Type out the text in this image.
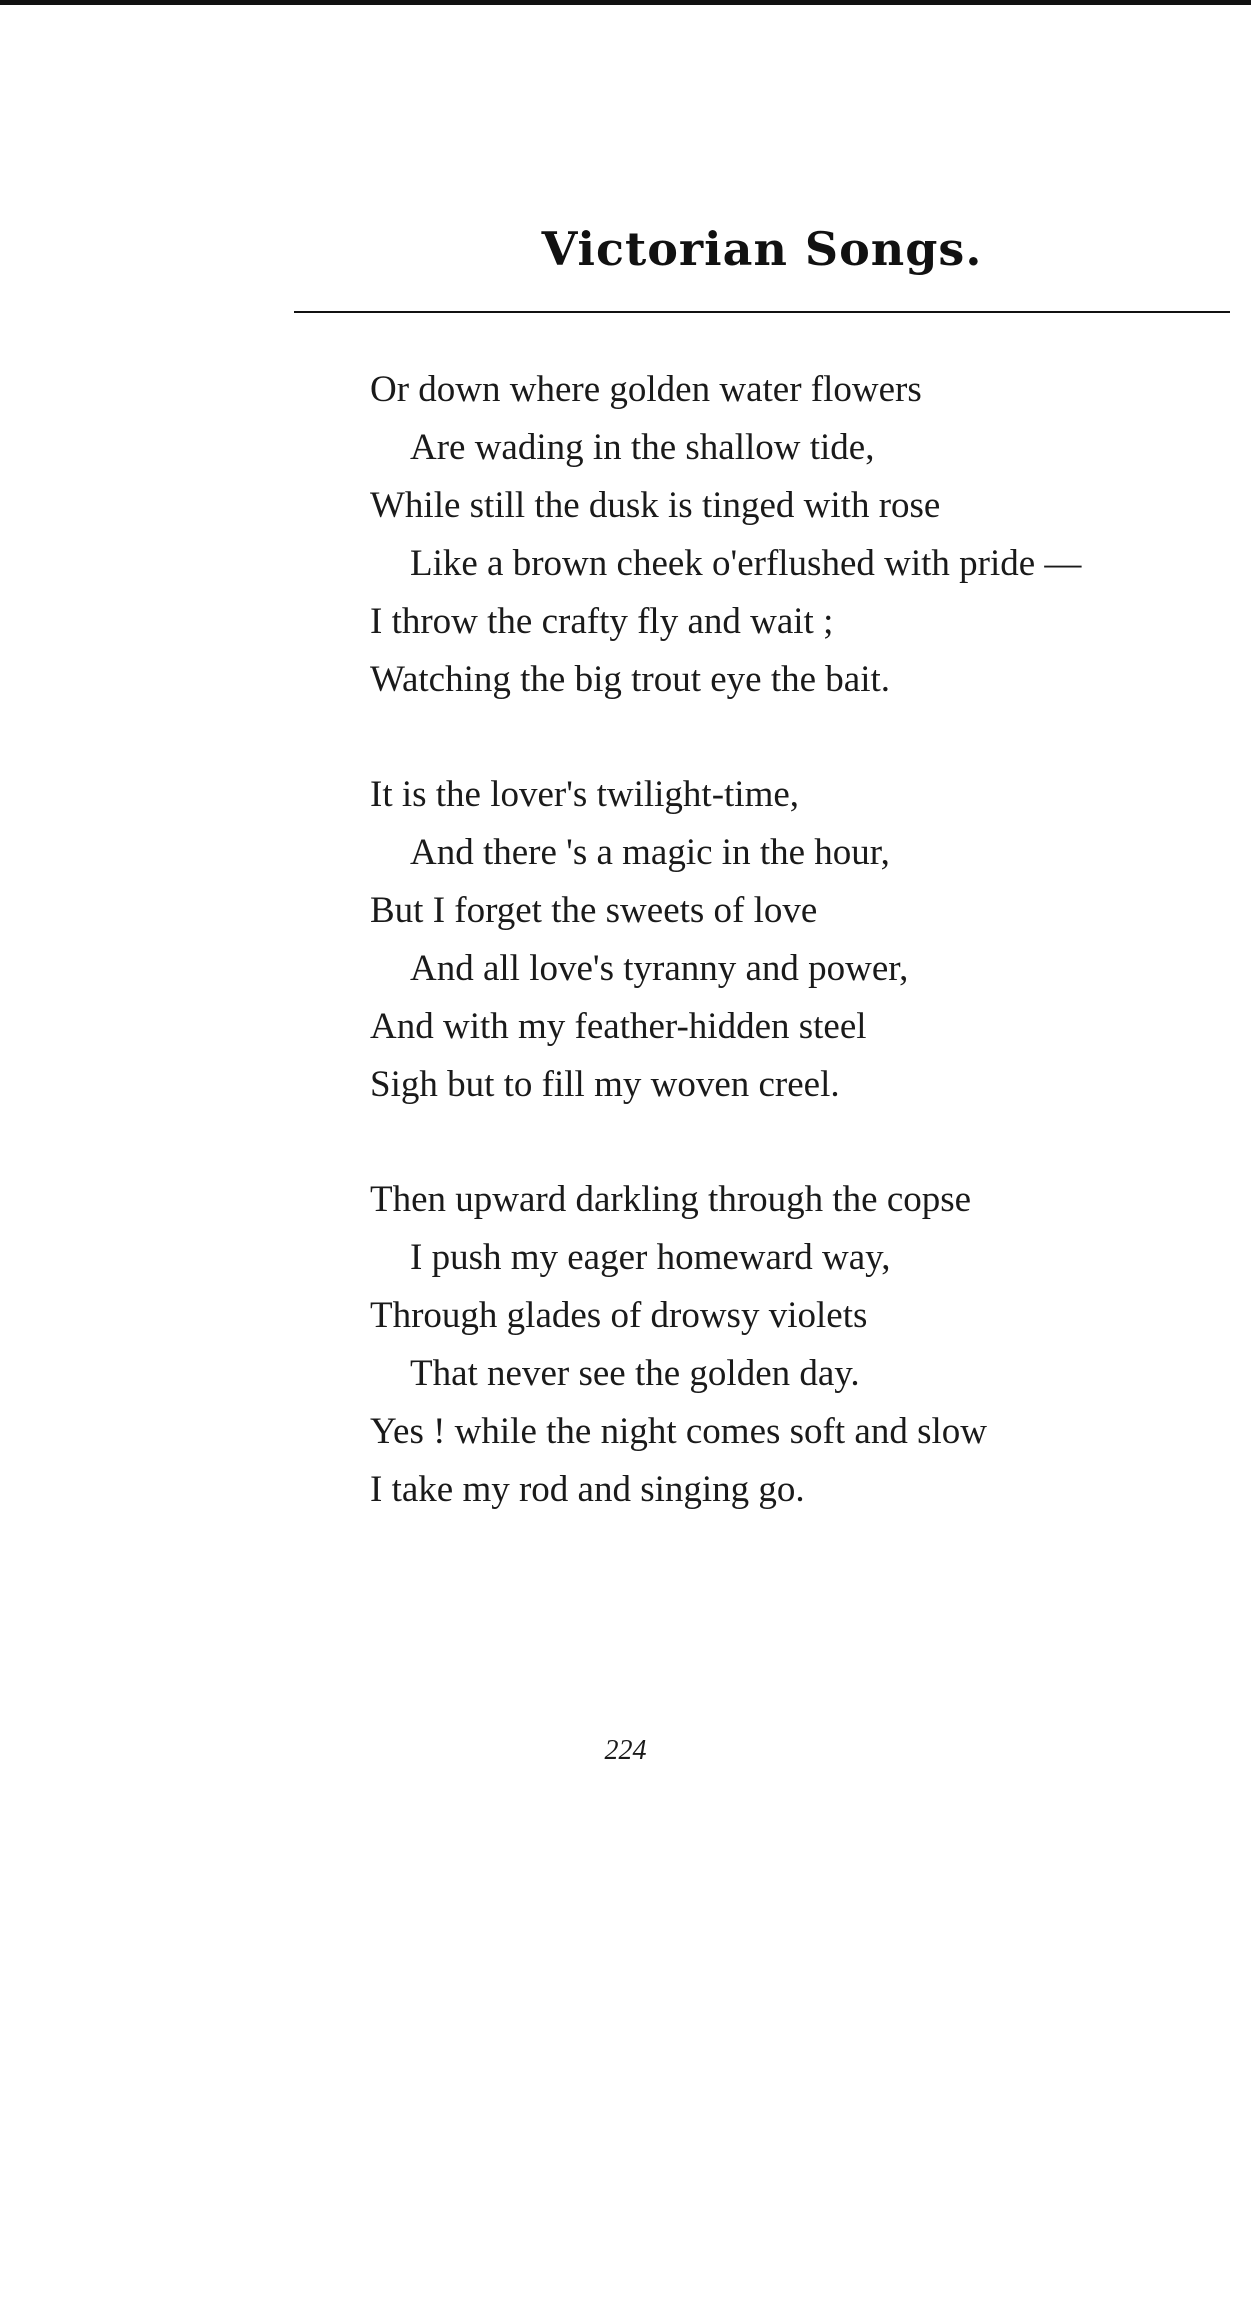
Victorian Songs.
Or down where golden water flowers
Are wading in the shallow tide,
While still the dusk is tinged with rose
Like a brown cheek o'erflushed with pride —
I throw the crafty fly and wait ;
Watching the big trout eye the bait.
It is the lover's twilight-time,
And there 's a magic in the hour,
But I forget the sweets of love
And all love's tyranny and power,
And with my feather-hidden steel
Sigh but to fill my woven creel.
Then upward darkling through the copse
I push my eager homeward way,
Through glades of drowsy violets
That never see the golden day.
Yes ! while the night comes soft and slow
I take my rod and singing go.
224
